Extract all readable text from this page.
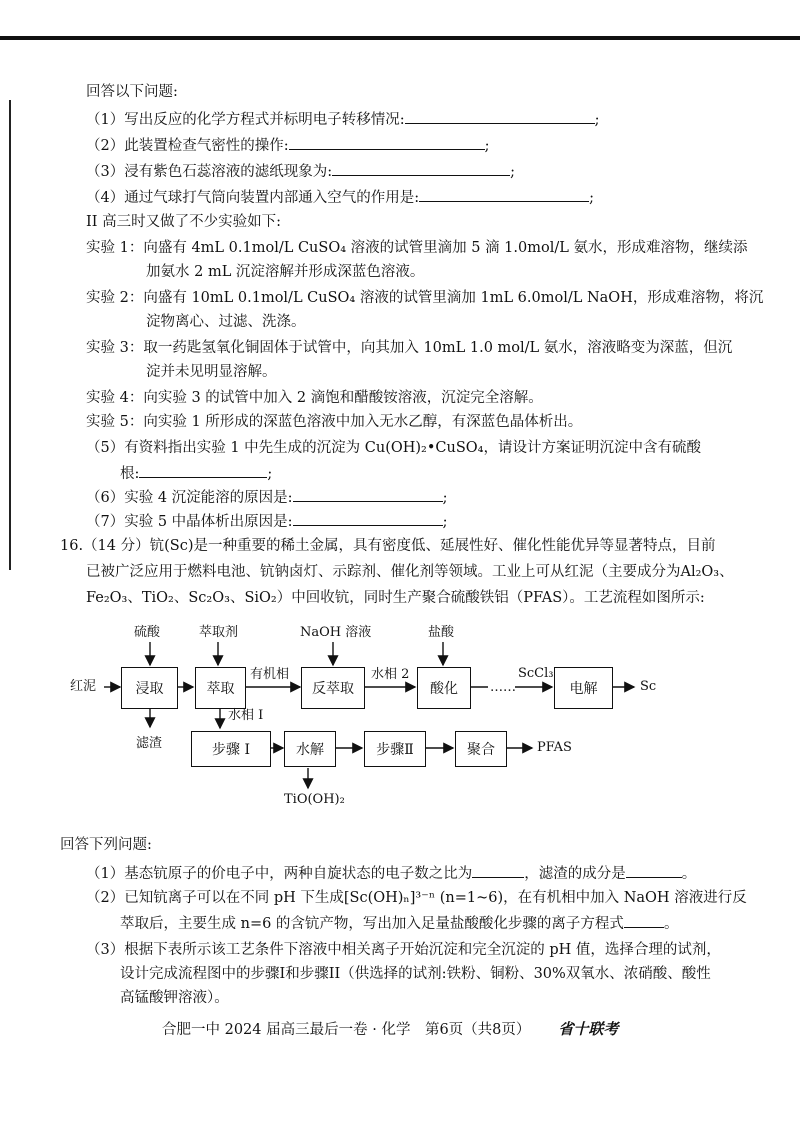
回答以下问题:
（1）写出反应的化学方程式并标明电子转移情况:	;
（2）此装置检查气密性的操作:	;
（3）浸有紫色石蕊溶液的滤纸现象为:	;
（4）通过气球打气筒向装置内部通入空气的作用是:	;
II 高三时又做了不少实验如下:
实验 1：向盛有 4mL 0.1mol/L CuSO₄ 溶液的试管里滴加 5 滴 1.0mol/L 氨水，形成难溶物，继续添
加氨水 2 mL 沉淀溶解并形成深蓝色溶液。
实验 2：向盛有 10mL 0.1mol/L CuSO₄ 溶液的试管里滴加 1mL 6.0mol/L NaOH，形成难溶物，将沉
淀物离心、过滤、洗涤。
实验 3：取一药匙氢氧化铜固体于试管中，向其加入 10mL 1.0 mol/L 氨水，溶液略变为深蓝，但沉
淀并未见明显溶解。
实验 4：向实验 3 的试管中加入 2 滴饱和醋酸铵溶液，沉淀完全溶解。
实验 5：向实验 1 所形成的深蓝色溶液中加入无水乙醇，有深蓝色晶体析出。
（5）有资料指出实验 1 中先生成的沉淀为 Cu(OH)₂•CuSO₄，请设计方案证明沉淀中含有硫酸
根:	;
（6）实验 4 沉淀能溶的原因是:	;
（7）实验 5 中晶体析出原因是:	;
16.（14 分）钪(Sc)是一种重要的稀土金属，具有密度低、延展性好、催化性能优异等显著特点，目前
已被广泛应用于燃料电池、钪钠卤灯、示踪剂、催化剂等领域。工业上可从红泥（主要成分为Al₂O₃、
Fe₂O₃、TiO₂、Sc₂O₃、SiO₂）中回收钪，同时生产聚合硫酸铁铝（PFAS）。工艺流程如图所示:
硫酸	萃取剂	NaOH 溶液	盐酸
红泥	浸取	萃取
有机相
反萃取
水相 2
酸化	……
ScCl₃
电解	Sc
滤渣
水相 I
步骤 I	水解	步骤Ⅱ	聚合	PFAS
TiO(OH)₂
回答下列问题:
（1）基态钪原子的价电子中，两种自旋状态的电子数之比为	，滤渣的成分是	。
（2）已知钪离子可以在不同 pH 下生成[Sc(OH)ₙ]³⁻ⁿ (n=1~6)，在有机相中加入 NaOH 溶液进行反
萃取后，主要生成 n=6 的含钪产物，写出加入足量盐酸酸化步骤的离子方程式	。
（3）根据下表所示该工艺条件下溶液中相关离子开始沉淀和完全沉淀的 pH 值，选择合理的试剂，
设计完成流程图中的步骤I和步骤II（供选择的试剂:铁粉、铜粉、30%双氧水、浓硝酸、酸性
高锰酸钾溶液）。
合肥一中 2024 届高三最后一卷 · 化学　第6页（共8页） 省十联考
